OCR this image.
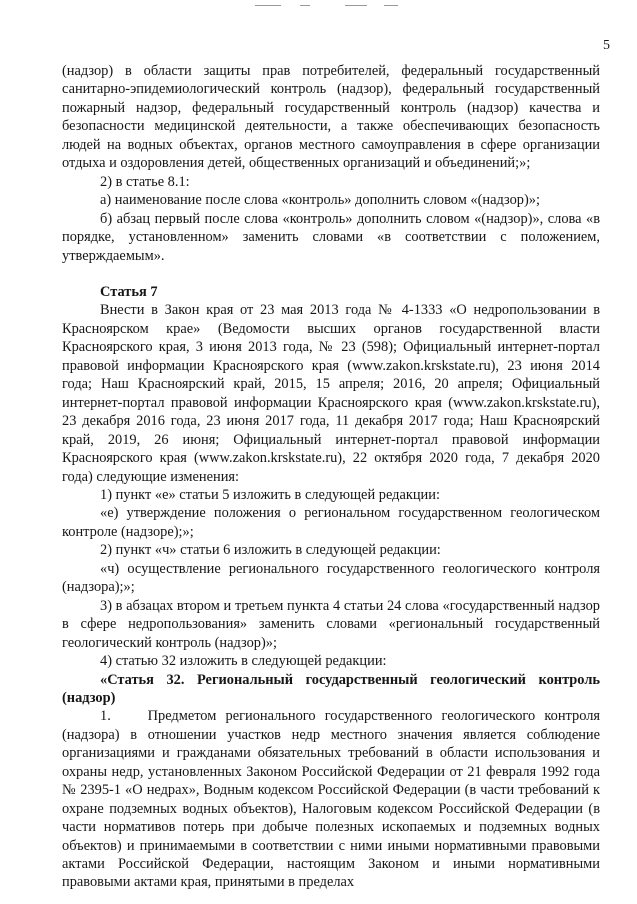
5

(надзор) в области защиты прав потребителей, федеральный государственный санитарно-эпидемиологический контроль (надзор), федеральный государственный пожарный надзор, федеральный государственный контроль (надзор) качества и безопасности медицинской деятельности, а также обеспечивающих безопасность людей на водных объектах, органов местного самоуправления в сфере организации отдыха и оздоровления детей, общественных организаций и объединений;»;

2) в статье 8.1:

а) наименование после слова «контроль» дополнить словом «(надзор)»;

б) абзац первый после слова «контроль» дополнить словом «(надзор)», слова «в порядке, установленном» заменить словами «в соответствии с положением, утверждаемым».

Статья 7

Внести в Закон края от 23 мая 2013 года № 4-1333 «О недропользовании в Красноярском крае» (Ведомости высших органов государственной власти Красноярского края, 3 июня 2013 года, № 23 (598); Официальный интернет-портал правовой информации Красноярского края (www.zakon.krskstate.ru), 23 июня 2014 года; Наш Красноярский край, 2015, 15 апреля; 2016, 20 апреля; Официальный интернет-портал правовой информации Красноярского края (www.zakon.krskstate.ru), 23 декабря 2016 года, 23 июня 2017 года, 11 декабря 2017 года; Наш Красноярский край, 2019, 26 июня; Официальный интернет-портал правовой информации Красноярского края (www.zakon.krskstate.ru), 22 октября 2020 года, 7 декабря 2020 года) следующие изменения:

1) пункт «е» статьи 5 изложить в следующей редакции:

«е) утверждение положения о региональном государственном геологическом контроле (надзоре);»;

2) пункт «ч» статьи 6 изложить в следующей редакции:

«ч) осуществление регионального государственного геологического контроля (надзора);»;

3) в абзацах втором и третьем пункта 4 статьи 24 слова «государственный надзор в сфере недропользования» заменить словами «региональный государственный геологический контроль (надзор)»;

4) статью 32 изложить в следующей редакции:

«Статья 32. Региональный государственный геологический контроль (надзор)

1.    Предметом регионального государственного геологического контроля (надзора) в отношении участков недр местного значения является соблюдение организациями и гражданами обязательных требований в области использования и охраны недр, установленных Законом Российской Федерации от 21 февраля 1992 года № 2395-1 «О недрах», Водным кодексом Российской Федерации (в части требований к охране подземных водных объектов), Налоговым кодексом Российской Федерации (в части нормативов потерь при добыче полезных ископаемых и подземных водных объектов) и принимаемыми в соответствии с ними иными нормативными правовыми актами Российской Федерации, настоящим Законом и иными нормативными правовыми актами края, принятыми в пределах
